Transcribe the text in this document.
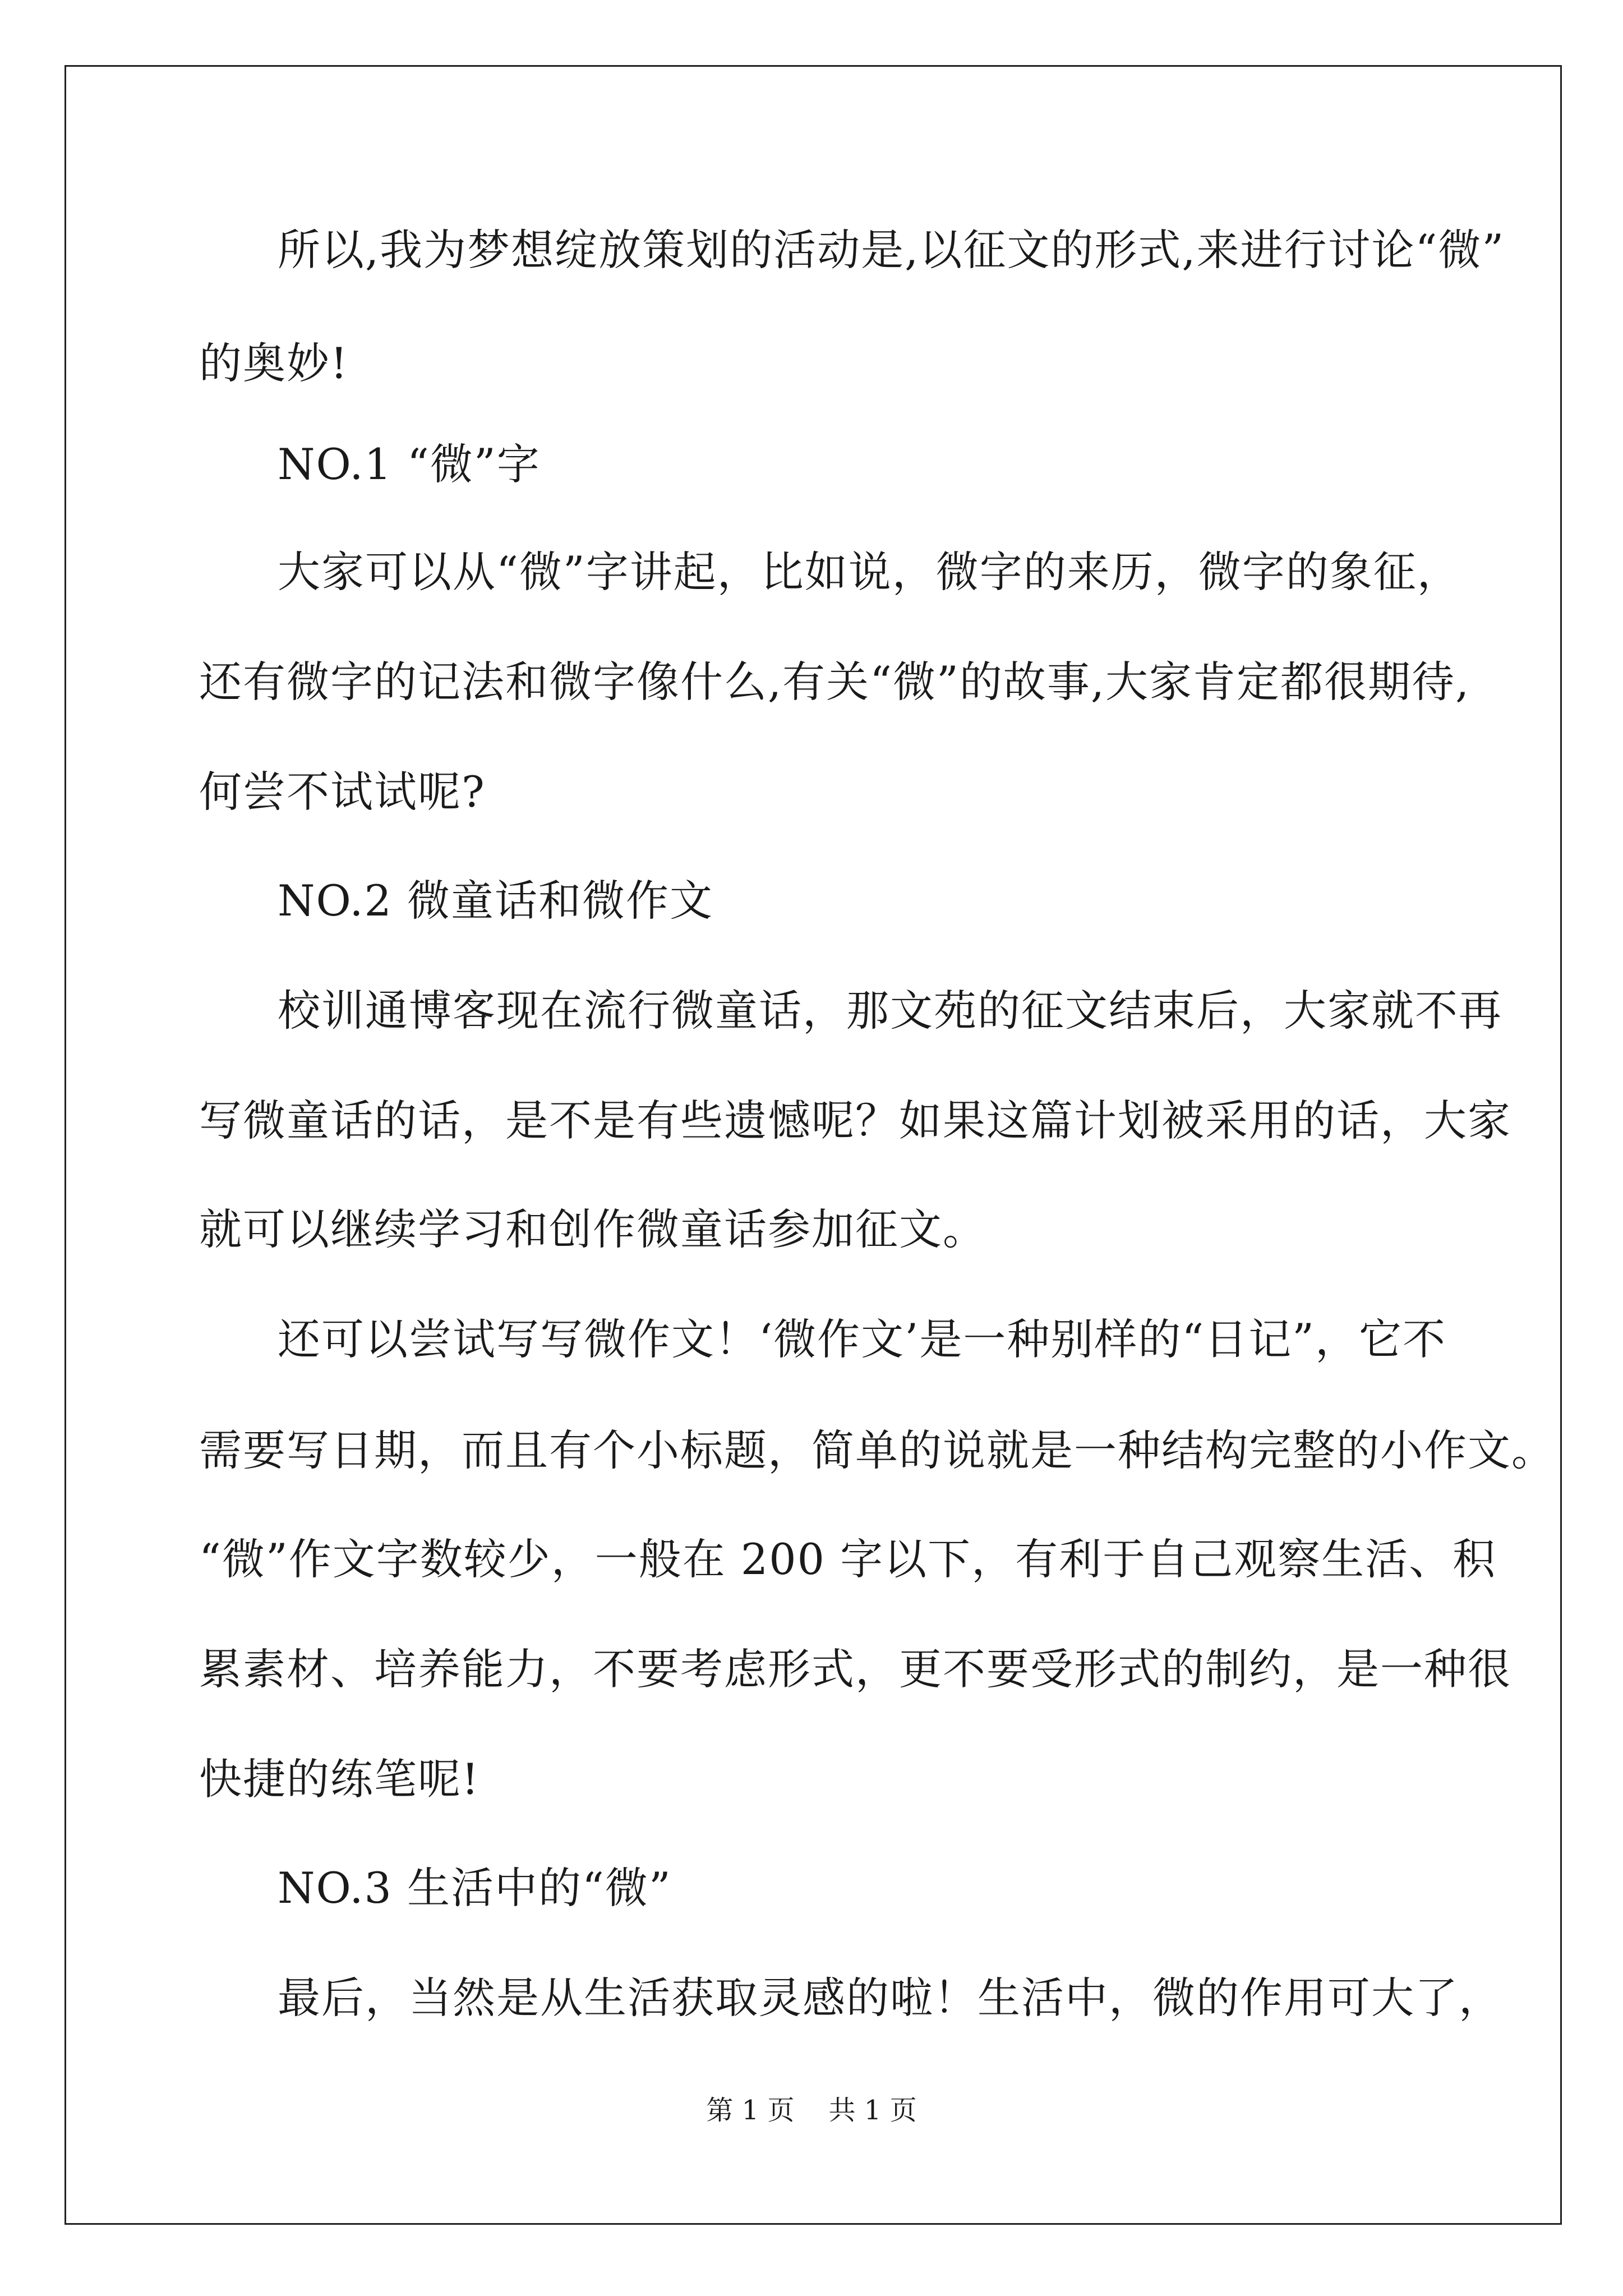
所以,我为梦想绽放策划的活动是,以征文的形式,来进行讨论“微”
的奥妙!
NO.1 “微”字
大家可以从“微”字讲起，比如说，微字的来历，微字的象征，
还有微字的记法和微字像什么,有关“微”的故事,大家肯定都很期待,
何尝不试试呢?
NO.2 微童话和微作文
校训通博客现在流行微童话，那文苑的征文结束后，大家就不再
写微童话的话，是不是有些遗憾呢？如果这篇计划被采用的话，大家
就可以继续学习和创作微童话参加征文。
还可以尝试写写微作文！‘微作文’是一种别样的“日记”，它不
需要写日期，而且有个小标题，简单的说就是一种结构完整的小作文。
“微”作文字数较少，一般在 200 字以下，有利于自己观察生活、积
累素材、培养能力，不要考虑形式，更不要受形式的制约，是一种很
快捷的练笔呢!
NO.3 生活中的“微”
最后，当然是从生活获取灵感的啦！生活中，微的作用可大了，
第 1 页    共 1 页
